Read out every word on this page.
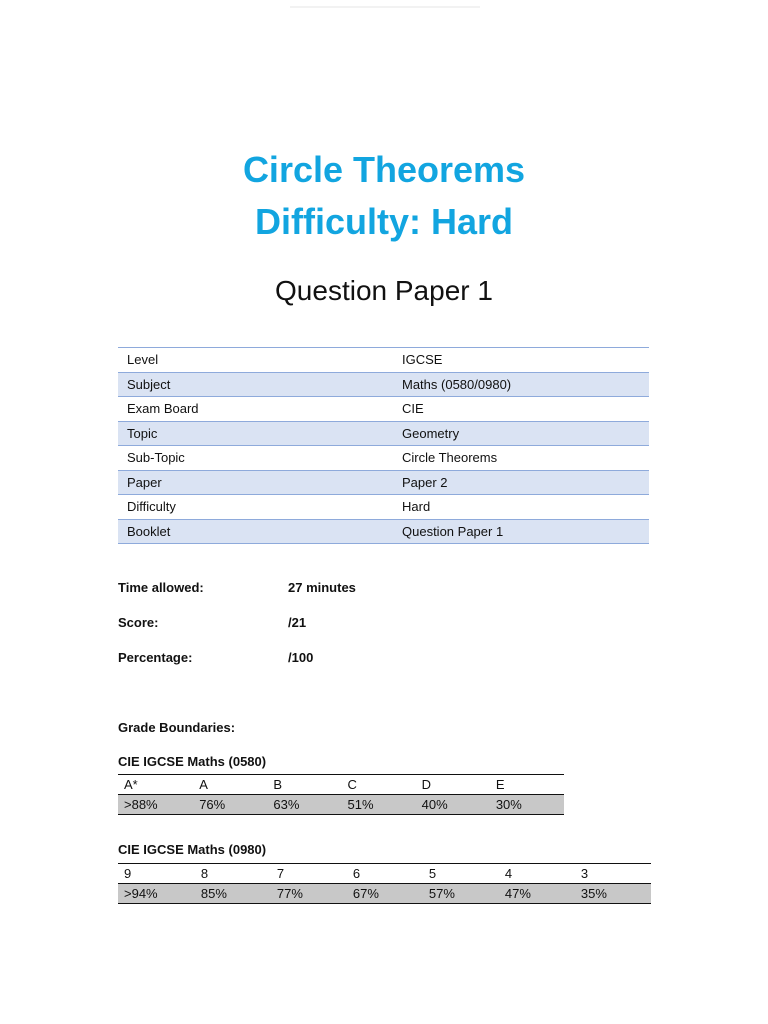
Circle Theorems
Difficulty: Hard
Question Paper 1
Level	IGCSE
Subject	Maths (0580/0980)
Exam Board	CIE
Topic	Geometry
Sub-Topic	Circle Theorems
Paper	Paper 2
Difficulty	Hard
Booklet	Question Paper 1
Time allowed:	27 minutes
Score:	/21
Percentage:	/100
Grade Boundaries:
CIE IGCSE Maths (0580)
A*	A	B	C	D	E
>88%	76%	63%	51%	40%	30%
CIE IGCSE Maths (0980)
9	8	7	6	5	4	3
>94%	85%	77%	67%	57%	47%	35%
